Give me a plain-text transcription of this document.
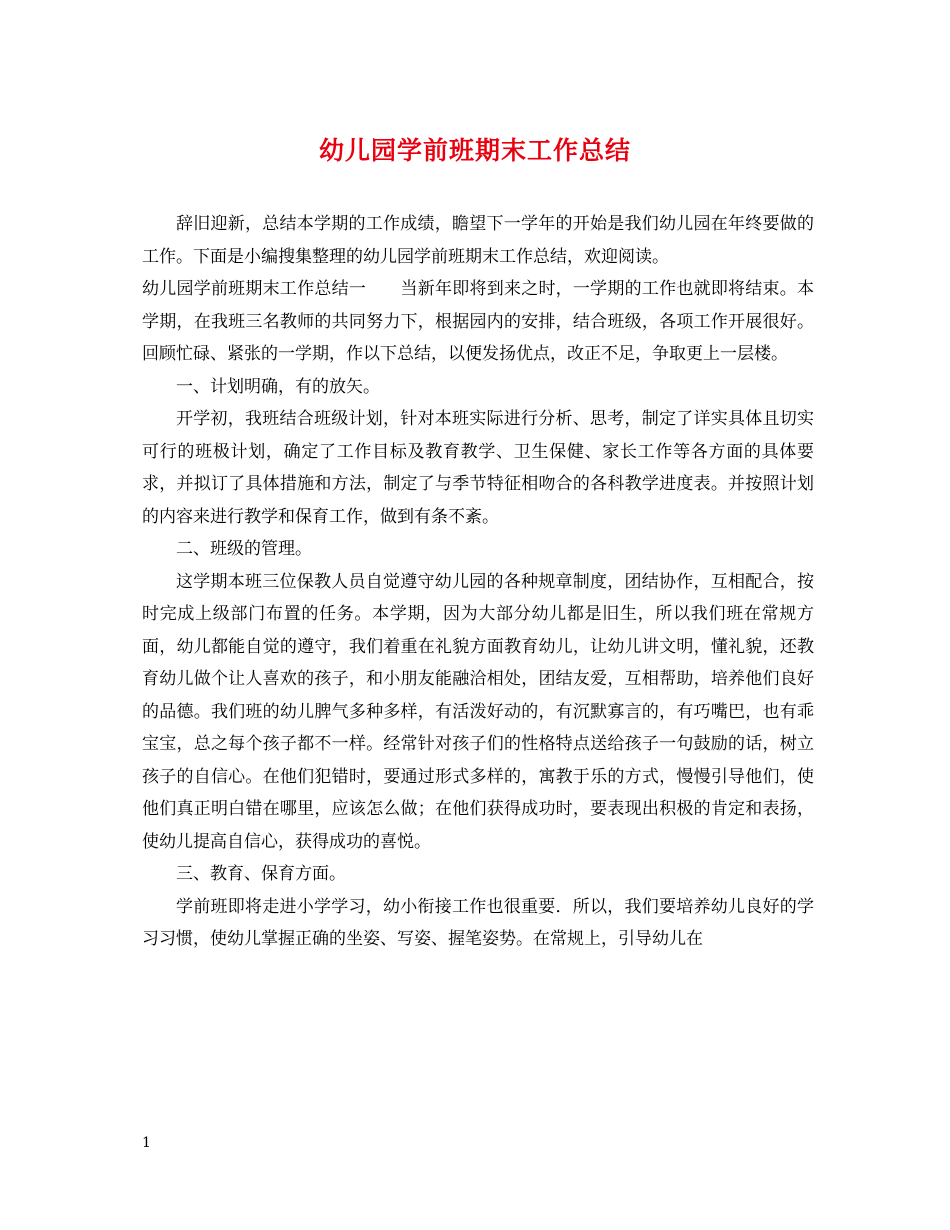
幼儿园学前班期末工作总结

辞旧迎新，总结本学期的工作成绩，瞻望下一学年的开始是我们幼儿园在年终要做的工作。下面是小编搜集整理的幼儿园学前班期末工作总结，欢迎阅读。

幼儿园学前班期末工作总结一　　当新年即将到来之时，一学期的工作也就即将结束。本学期，在我班三名教师的共同努力下，根据园内的安排，结合班级，各项工作开展很好。回顾忙碌、紧张的一学期，作以下总结，以便发扬优点，改正不足，争取更上一层楼。

一、计划明确，有的放矢。

开学初，我班结合班级计划，针对本班实际进行分析、思考，制定了详实具体且切实可行的班极计划，确定了工作目标及教育教学、卫生保健、家长工作等各方面的具体要求，并拟订了具体措施和方法，制定了与季节特征相吻合的各科教学进度表。并按照计划的内容来进行教学和保育工作，做到有条不紊。

二、班级的管理。

这学期本班三位保教人员自觉遵守幼儿园的各种规章制度，团结协作，互相配合，按时完成上级部门布置的任务。本学期，因为大部分幼儿都是旧生，所以我们班在常规方面，幼儿都能自觉的遵守，我们着重在礼貌方面教育幼儿，让幼儿讲文明，懂礼貌，还教育幼儿做个让人喜欢的孩子，和小朋友能融洽相处，团结友爱，互相帮助，培养他们良好的品德。我们班的幼儿脾气多种多样，有活泼好动的，有沉默寡言的，有巧嘴巴，也有乖宝宝，总之每个孩子都不一样。经常针对孩子们的性格特点送给孩子一句鼓励的话，树立孩子的自信心。在他们犯错时，要通过形式多样的，寓教于乐的方式，慢慢引导他们，使他们真正明白错在哪里，应该怎么做；在他们获得成功时，要表现出积极的肯定和表扬，使幼儿提高自信心，获得成功的喜悦。

三、教育、保育方面。

学前班即将走进小学学习，幼小衔接工作也很重要．所以，我们要培养幼儿良好的学习习惯，使幼儿掌握正确的坐姿、写姿、握笔姿势。在常规上，引导幼儿在

1
